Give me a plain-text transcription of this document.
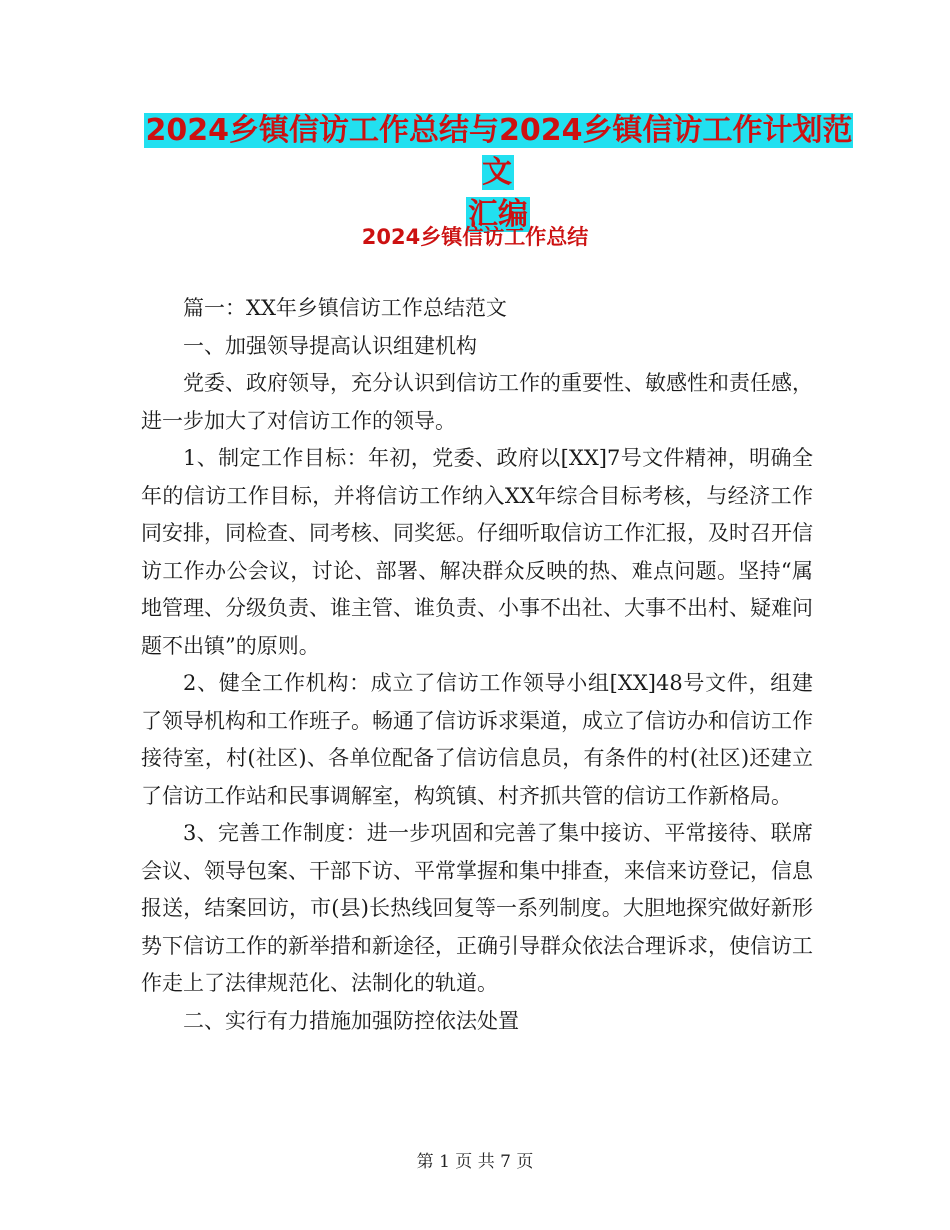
2024乡镇信访工作总结与2024乡镇信访工作计划范文
汇编
2024乡镇信访工作总结

篇一：XX年乡镇信访工作总结范文

一、加强领导提高认识组建机构

党委、政府领导，充分认识到信访工作的重要性、敏感性和责任感，进一步加大了对信访工作的领导。

1、制定工作目标：年初，党委、政府以[XX]7号文件精神，明确全年的信访工作目标，并将信访工作纳入XX年综合目标考核，与经济工作同安排，同检查、同考核、同奖惩。仔细听取信访工作汇报，及时召开信访工作办公会议，讨论、部署、解决群众反映的热、难点问题。坚持“属地管理、分级负责、谁主管、谁负责、小事不出社、大事不出村、疑难问题不出镇”的原则。

2、健全工作机构：成立了信访工作领导小组[XX]48号文件，组建了领导机构和工作班子。畅通了信访诉求渠道，成立了信访办和信访工作接待室，村(社区)、各单位配备了信访信息员，有条件的村(社区)还建立了信访工作站和民事调解室，构筑镇、村齐抓共管的信访工作新格局。

3、完善工作制度：进一步巩固和完善了集中接访、平常接待、联席会议、领导包案、干部下访、平常掌握和集中排查，来信来访登记，信息报送，结案回访，市(县)长热线回复等一系列制度。大胆地探究做好新形势下信访工作的新举措和新途径，正确引导群众依法合理诉求，使信访工作走上了法律规范化、法制化的轨道。

二、实行有力措施加强防控依法处置

第 1 页 共 7 页
